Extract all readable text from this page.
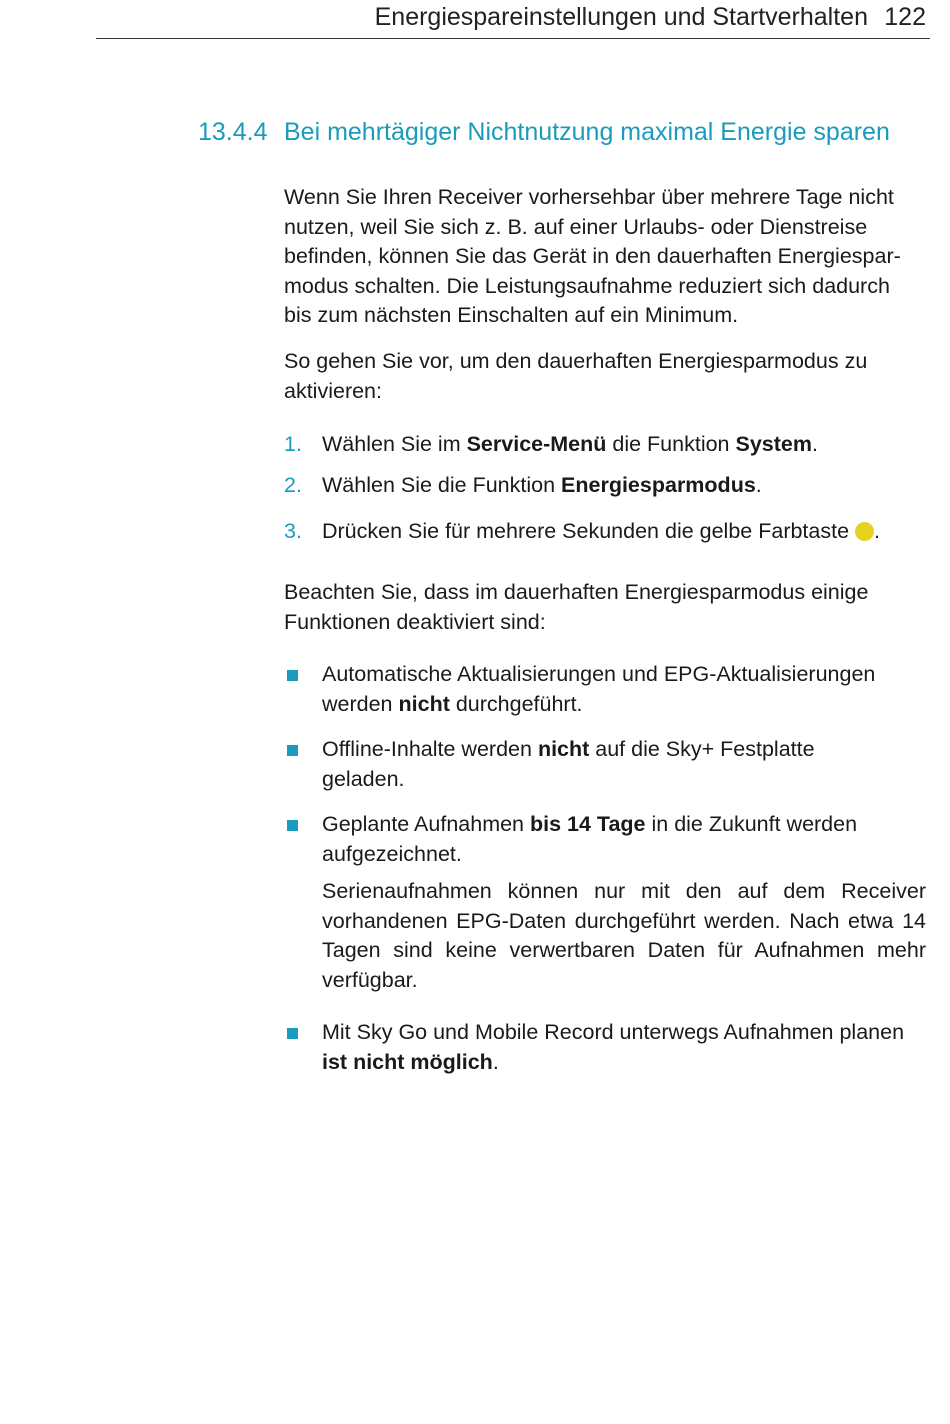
Energiespareinstellungen und Startverhalten 122
13.4.4 Bei mehrtägiger Nichtnutzung maximal Energie sparen
Wenn Sie Ihren Receiver vorhersehbar über mehrere Tage nicht
nutzen, weil Sie sich z. B. auf einer Urlaubs- oder Dienstreise
befinden, können Sie das Gerät in den dauerhaften Energiespar-
modus schalten. Die Leistungsaufnahme reduziert sich dadurch
bis zum nächsten Einschalten auf ein Minimum.
So gehen Sie vor, um den dauerhaften Energiesparmodus zu
aktivieren:
1. Wählen Sie im Service-Menü die Funktion System.
2. Wählen Sie die Funktion Energiesparmodus.
3. Drücken Sie für mehrere Sekunden die gelbe Farbtaste .
Beachten Sie, dass im dauerhaften Energiesparmodus einige
Funktionen deaktiviert sind:
Automatische Aktualisierungen und EPG-Aktualisierungen
werden nicht durchgeführt.
Offline-Inhalte werden nicht auf die Sky+ Festplatte
geladen.
Geplante Aufnahmen bis 14 Tage in die Zukunft werden
aufgezeichnet.
Serienaufnahmen können nur mit den auf dem Receiver vorhandenen EPG-Daten durchgeführt werden. Nach etwa 14 Tagen sind keine verwertbaren Daten für Aufnahmen mehr verfügbar.
Mit Sky Go und Mobile Record unterwegs Aufnahmen planen
ist nicht möglich.
